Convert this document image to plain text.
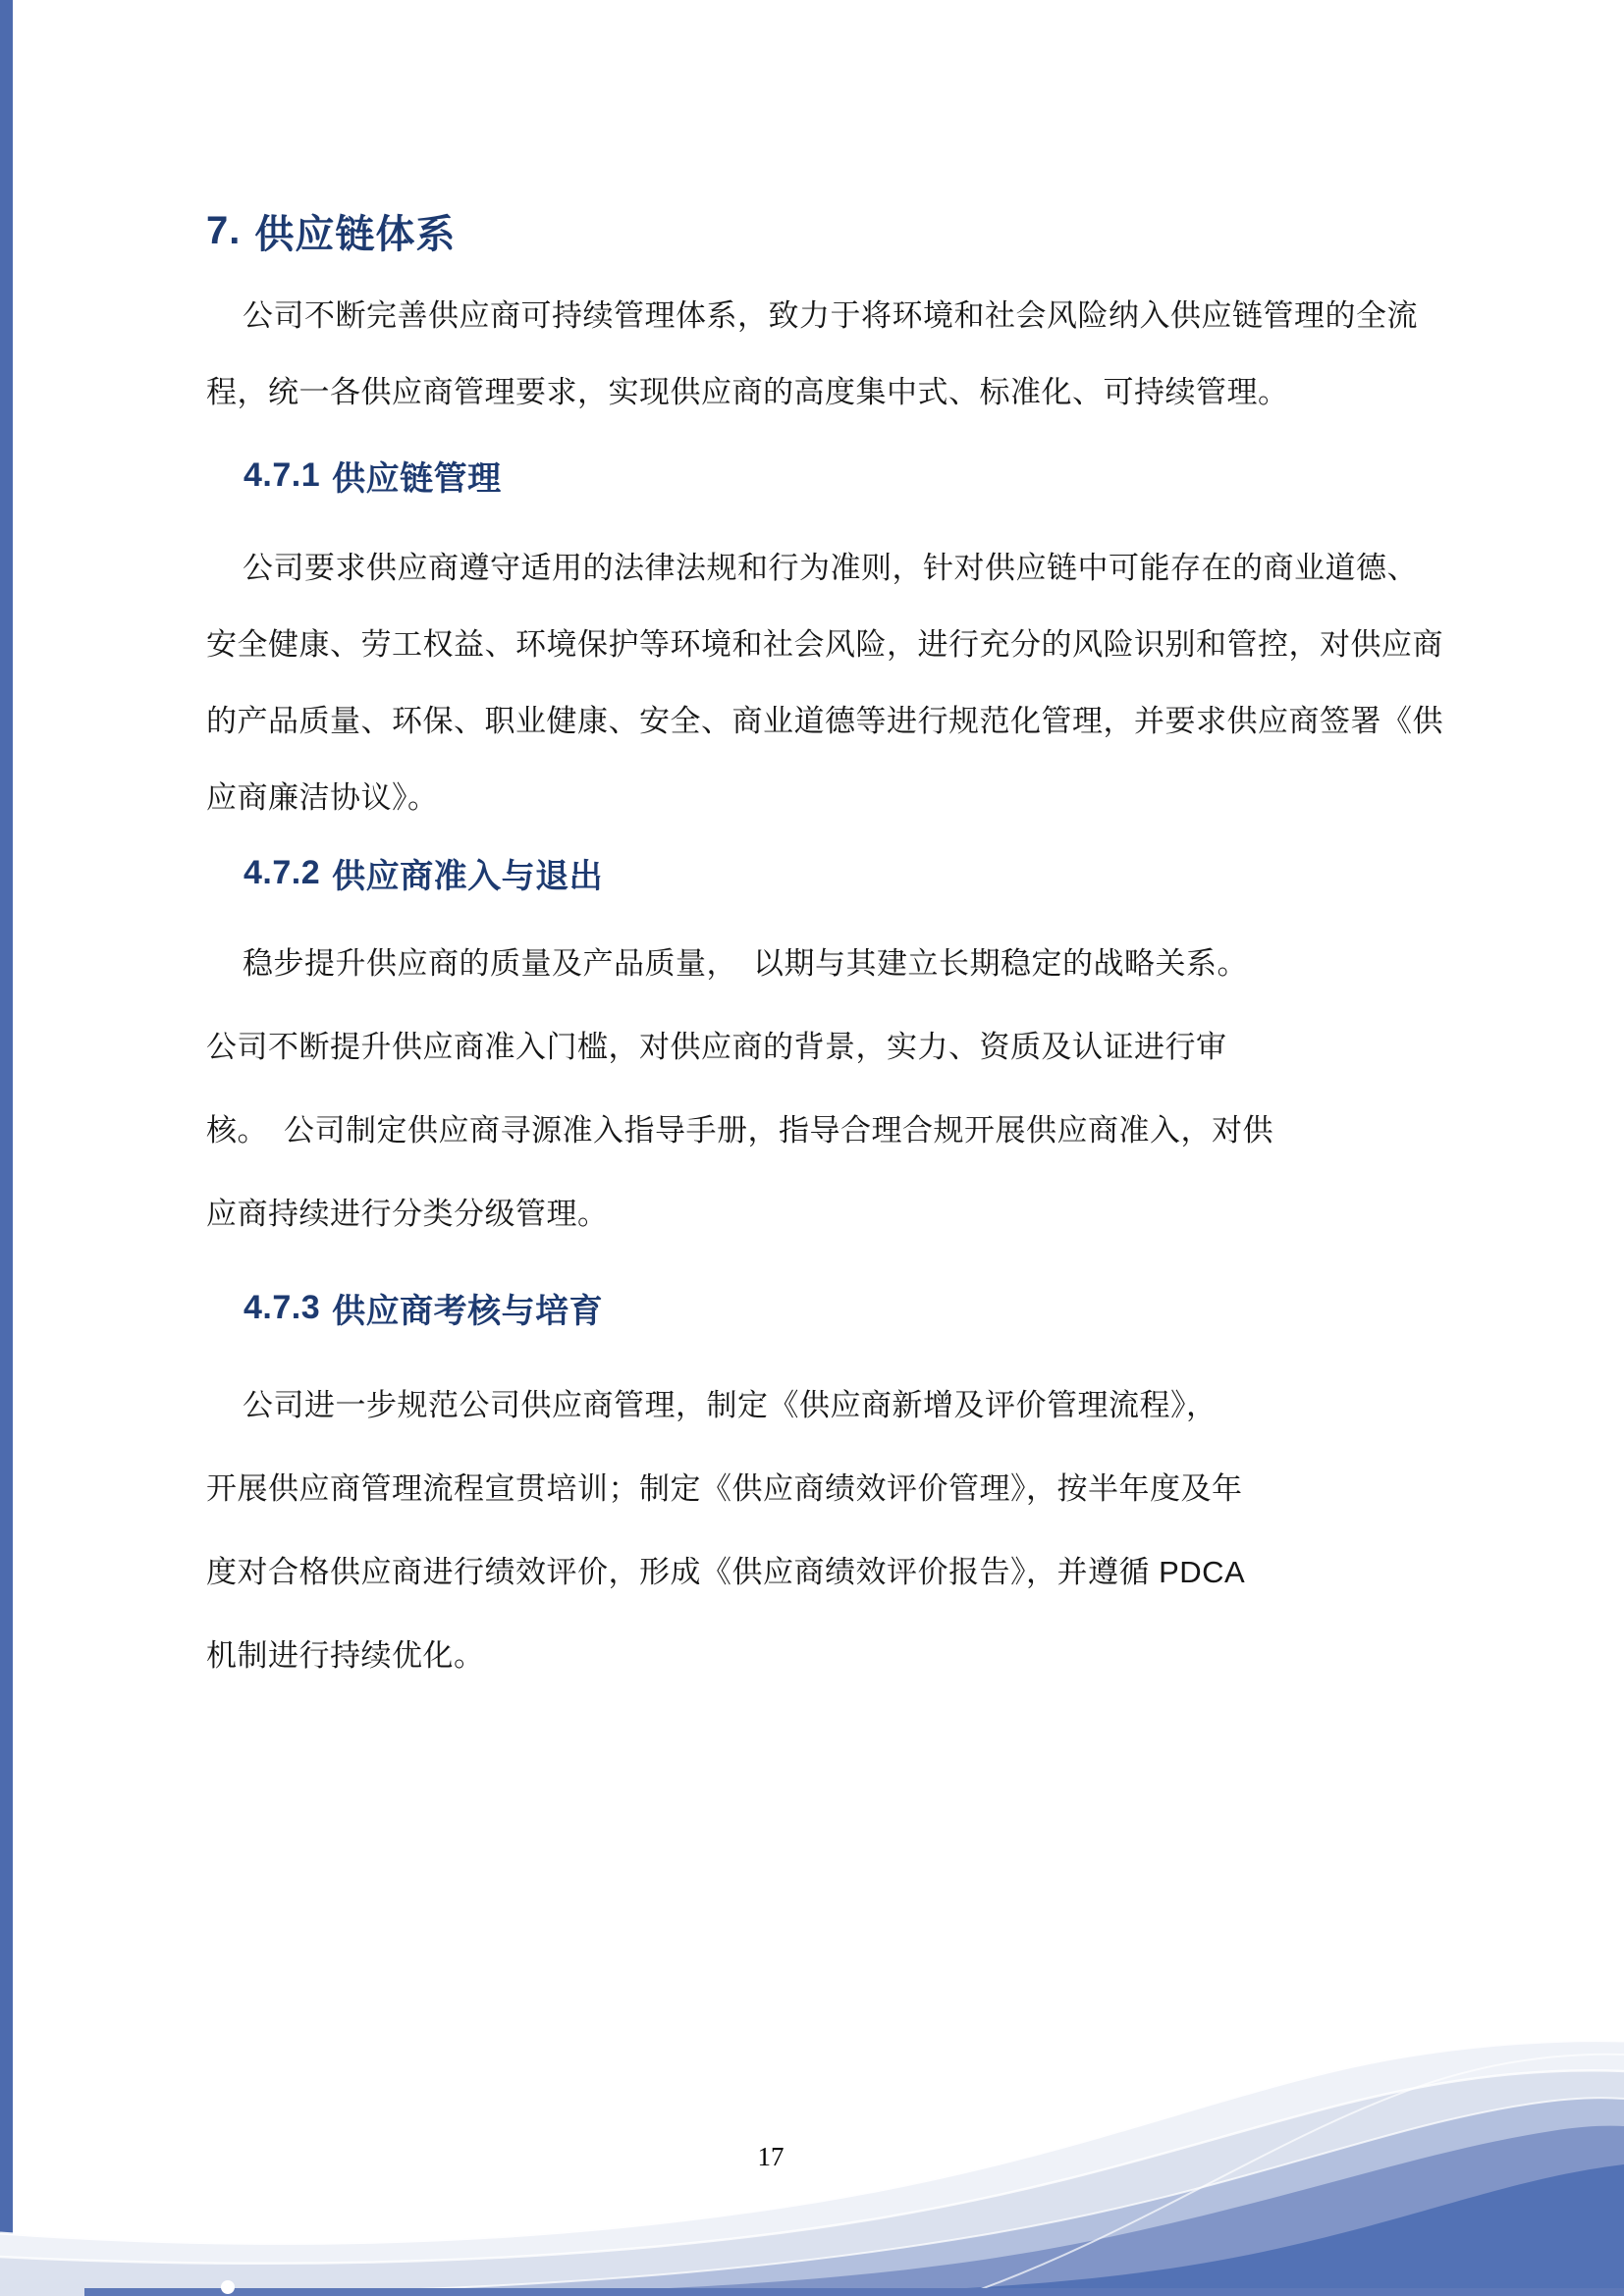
7. 供应链体系

公司不断完善供应商可持续管理体系，致力于将环境和社会风险纳入供应链管理的全流
程，统一各供应商管理要求，实现供应商的高度集中式、标准化、可持续管理。

4.7.1 供应链管理

公司要求供应商遵守适用的法律法规和行为准则，针对供应链中可能存在的商业道德、
安全健康、劳工权益、环境保护等环境和社会风险，进行充分的风险识别和管控，对供应商
的产品质量、环保、职业健康、安全、商业道德等进行规范化管理，并要求供应商签署《供
应商廉洁协议》。

4.7.2 供应商准入与退出

稳步提升供应商的质量及产品质量，　以期与其建立长期稳定的战略关系。
公司不断提升供应商准入门槛，对供应商的背景，实力、资质及认证进行审
核。　公司制定供应商寻源准入指导手册，指导合理合规开展供应商准入，对供
应商持续进行分类分级管理。

4.7.3 供应商考核与培育

公司进一步规范公司供应商管理，制定《供应商新增及评价管理流程》，
开展供应商管理流程宣贯培训；制定《供应商绩效评价管理》，按半年度及年
度对合格供应商进行绩效评价，形成《供应商绩效评价报告》，并遵循 PDCA
机制进行持续优化。

17
